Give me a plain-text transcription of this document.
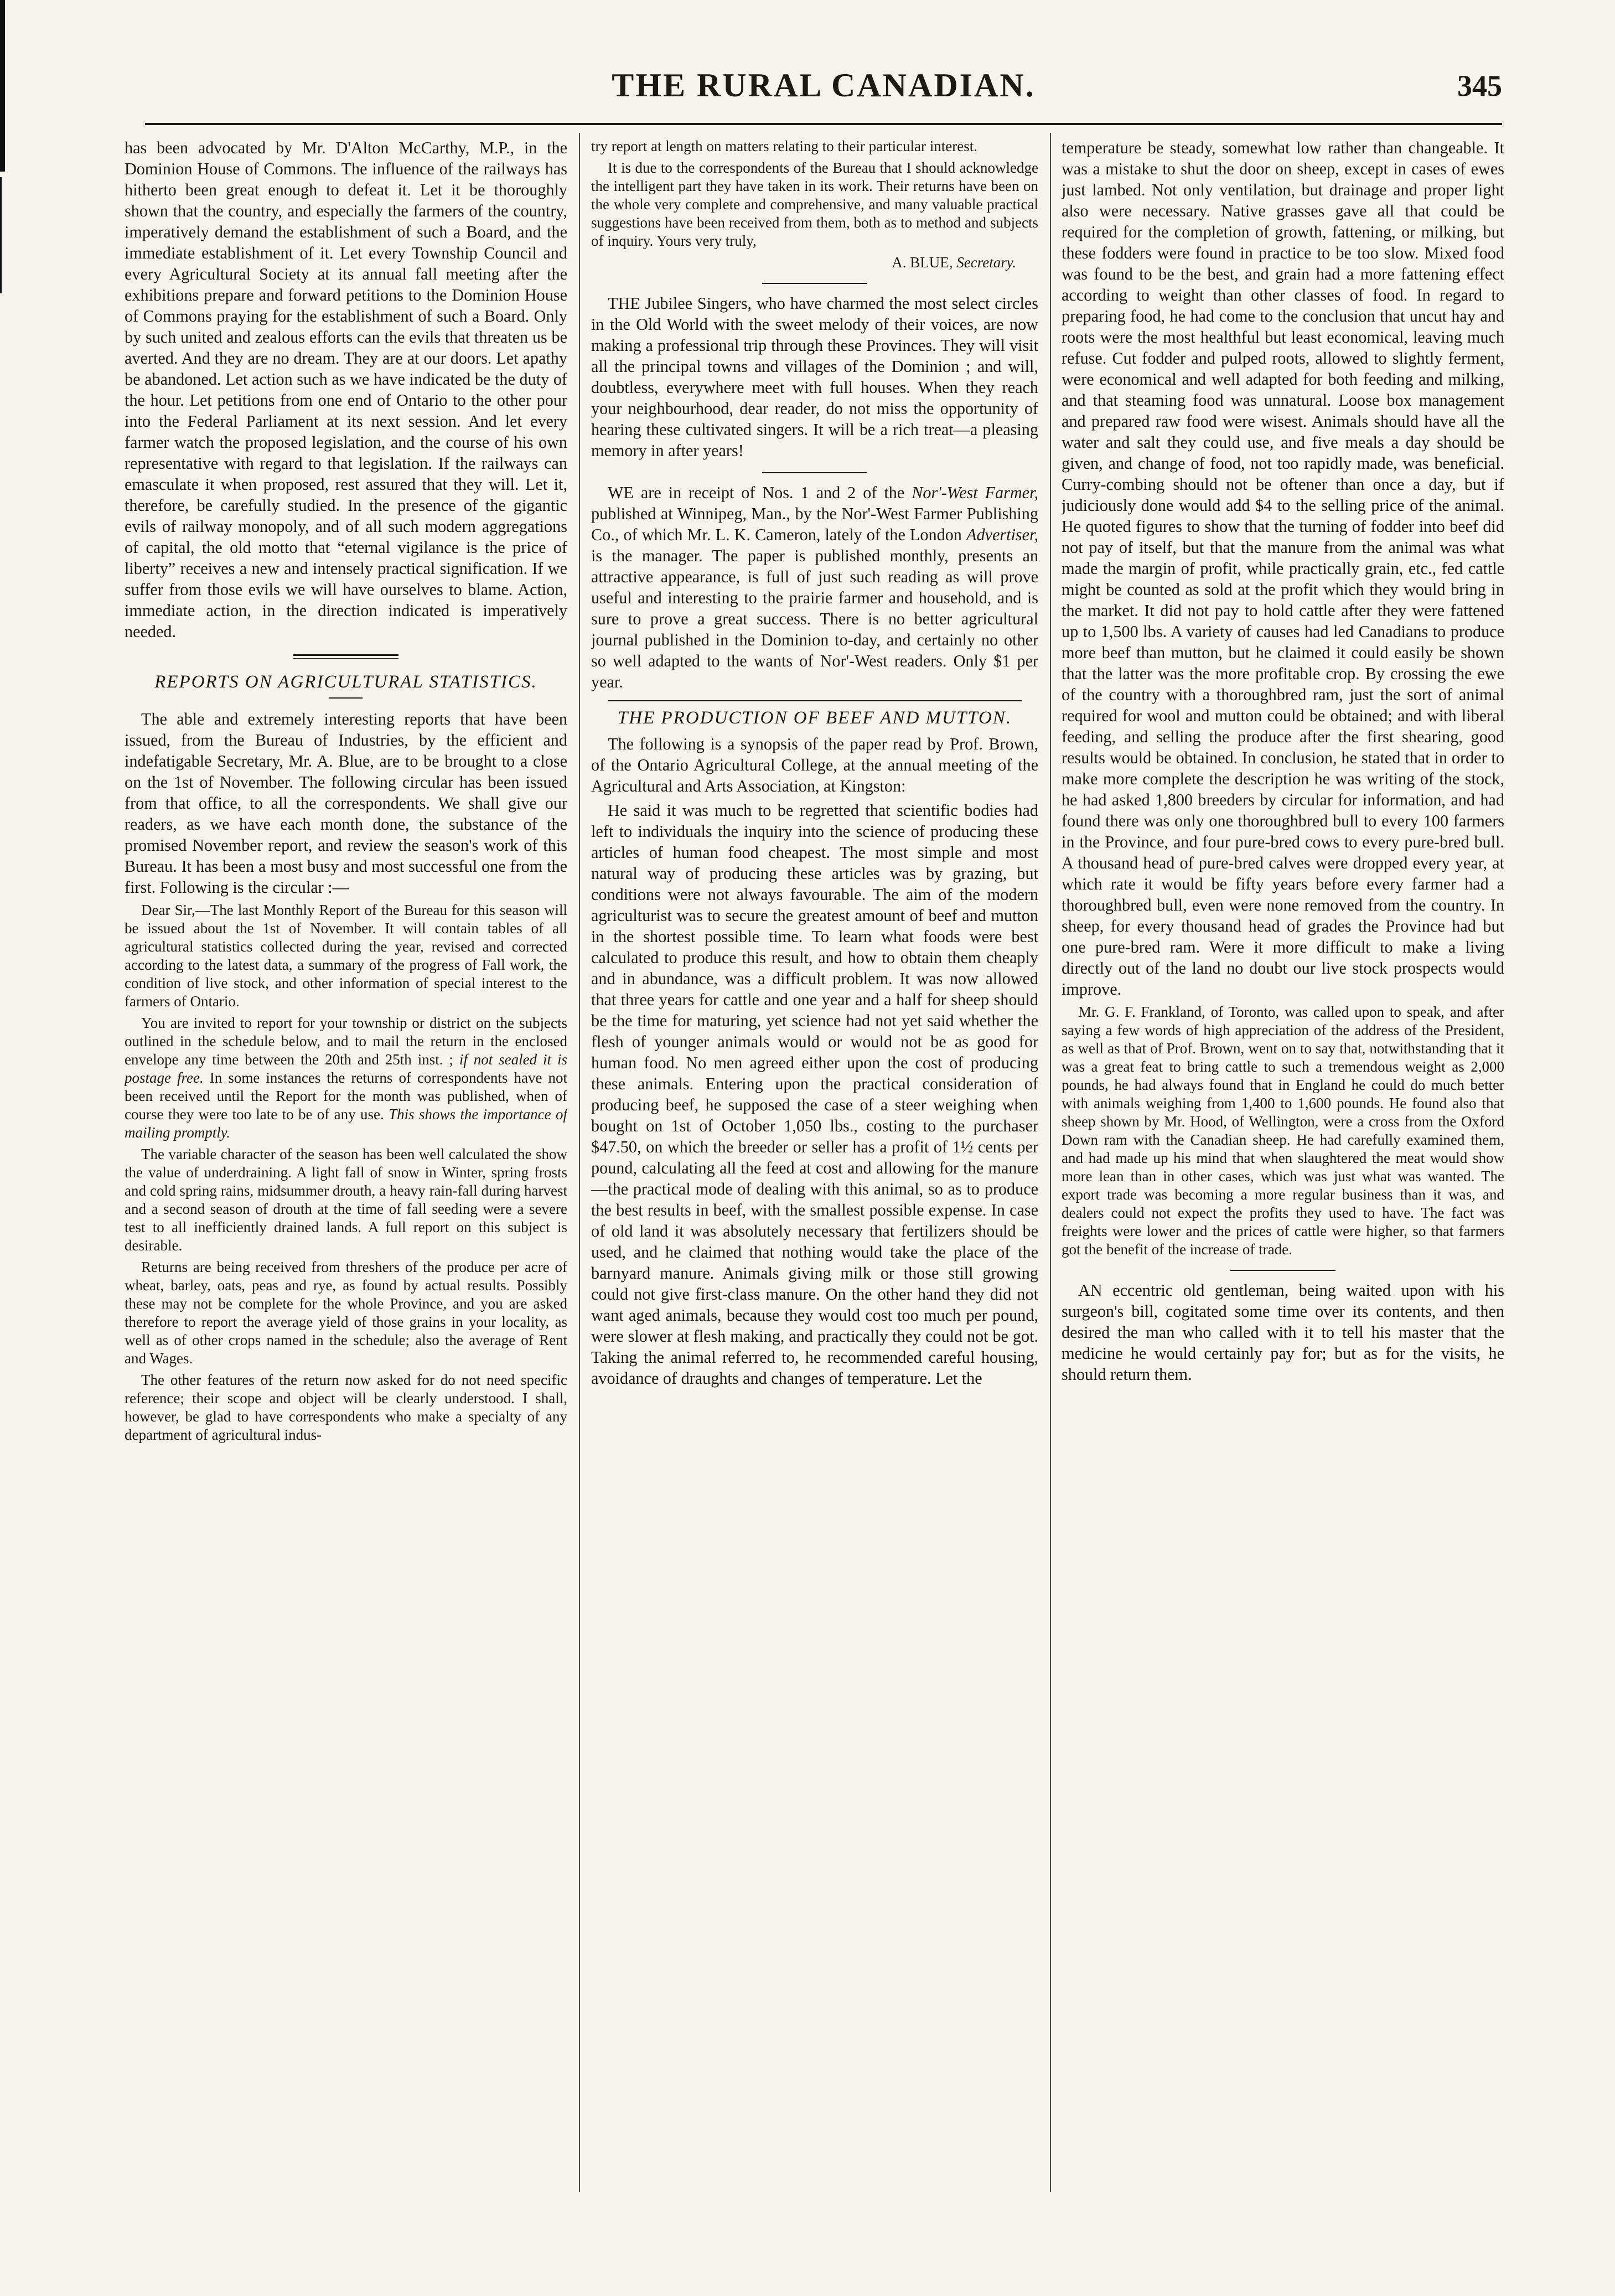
THE RURAL CANADIAN.	345

has been advocated by Mr. D'Alton McCarthy, M.P., in the Dominion House of Commons. The influence of the railways has hitherto been great enough to defeat it. Let it be thoroughly shown that the country, and especially the farmers of the country, imperatively demand the establishment of such a Board, and the immediate establishment of it. Let every Township Council and every Agricultural Society at its annual fall meeting after the exhibitions prepare and forward petitions to the Dominion House of Commons praying for the establishment of such a Board. Only by such united and zealous efforts can the evils that threaten us be averted. And they are no dream. They are at our doors. Let apathy be abandoned. Let action such as we have indicated be the duty of the hour. Let petitions from one end of Ontario to the other pour into the Federal Parliament at its next session. And let every farmer watch the proposed legislation, and the course of his own representative with regard to that legislation. If the railways can emasculate it when proposed, rest assured that they will. Let it, therefore, be carefully studied. In the presence of the gigantic evils of railway monopoly, and of all such modern aggregations of capital, the old motto that “eternal vigilance is the price of liberty” receives a new and intensely practical signification. If we suffer from those evils we will have ourselves to blame. Action, immediate action, in the direction indicated is imperatively needed.

REPORTS ON AGRICULTURAL STATISTICS.

The able and extremely interesting reports that have been issued, from the Bureau of Industries, by the efficient and indefatigable Secretary, Mr. A. Blue, are to be brought to a close on the 1st of November. The following circular has been issued from that office, to all the correspondents. We shall give our readers, as we have each month done, the substance of the promised November report, and review the season's work of this Bureau. It has been a most busy and most successful one from the first. Following is the circular :—

Dear Sir,—The last Monthly Report of the Bureau for this season will be issued about the 1st of November. It will contain tables of all agricultural statistics collected during the year, revised and corrected according to the latest data, a summary of the progress of Fall work, the condition of live stock, and other information of special interest to the farmers of Ontario.

You are invited to report for your township or district on the subjects outlined in the schedule below, and to mail the return in the enclosed envelope any time between the 20th and 25th inst. ; if not sealed it is postage free. In some instances the returns of correspondents have not been received until the Report for the month was published, when of course they were too late to be of any use. This shows the importance of mailing promptly.

The variable character of the season has been well calculated the show the value of underdraining. A light fall of snow in Winter, spring frosts and cold spring rains, midsummer drouth, a heavy rain-fall during harvest and a second season of drouth at the time of fall seeding were a severe test to all inefficiently drained lands. A full report on this subject is desirable.

Returns are being received from threshers of the produce per acre of wheat, barley, oats, peas and rye, as found by actual results. Possibly these may not be complete for the whole Province, and you are asked therefore to report the average yield of those grains in your locality, as well as of other crops named in the schedule; also the average of Rent and Wages.

The other features of the return now asked for do not need specific reference; their scope and object will be clearly understood. I shall, however, be glad to have correspondents who make a specialty of any department of agricultural indus-

try report at length on matters relating to their particular interest.

It is due to the correspondents of the Bureau that I should acknowledge the intelligent part they have taken in its work. Their returns have been on the whole very complete and comprehensive, and many valuable practical suggestions have been received from them, both as to method and subjects of inquiry. Yours very truly,

A. BLUE, Secretary.

THE Jubilee Singers, who have charmed the most select circles in the Old World with the sweet melody of their voices, are now making a professional trip through these Provinces. They will visit all the principal towns and villages of the Dominion ; and will, doubtless, everywhere meet with full houses. When they reach your neighbourhood, dear reader, do not miss the opportunity of hearing these cultivated singers. It will be a rich treat—a pleasing memory in after years!

WE are in receipt of Nos. 1 and 2 of the Nor'-West Farmer, published at Winnipeg, Man., by the Nor'-West Farmer Publishing Co., of which Mr. L. K. Cameron, lately of the London Advertiser, is the manager. The paper is published monthly, presents an attractive appearance, is full of just such reading as will prove useful and interesting to the prairie farmer and household, and is sure to prove a great success. There is no better agricultural journal published in the Dominion to-day, and certainly no other so well adapted to the wants of Nor'-West readers. Only $1 per year.

THE PRODUCTION OF BEEF AND MUTTON.

The following is a synopsis of the paper read by Prof. Brown, of the Ontario Agricultural College, at the annual meeting of the Agricultural and Arts Association, at Kingston:

He said it was much to be regretted that scientific bodies had left to individuals the inquiry into the science of producing these articles of human food cheapest. The most simple and most natural way of producing these articles was by grazing, but conditions were not always favourable. The aim of the modern agriculturist was to secure the greatest amount of beef and mutton in the shortest possible time. To learn what foods were best calculated to produce this result, and how to obtain them cheaply and in abundance, was a difficult problem. It was now allowed that three years for cattle and one year and a half for sheep should be the time for maturing, yet science had not yet said whether the flesh of younger animals would or would not be as good for human food. No men agreed either upon the cost of producing these animals. Entering upon the practical consideration of producing beef, he supposed the case of a steer weighing when bought on 1st of October 1,050 lbs., costing to the purchaser $47.50, on which the breeder or seller has a profit of 1½ cents per pound, calculating all the feed at cost and allowing for the manure—the practical mode of dealing with this animal, so as to produce the best results in beef, with the smallest possible expense. In case of old land it was absolutely necessary that fertilizers should be used, and he claimed that nothing would take the place of the barnyard manure. Animals giving milk or those still growing could not give first-class manure. On the other hand they did not want aged animals, because they would cost too much per pound, were slower at flesh making, and practically they could not be got. Taking the animal referred to, he recommended careful housing, avoidance of draughts and changes of temperature. Let the

temperature be steady, somewhat low rather than changeable. It was a mistake to shut the door on sheep, except in cases of ewes just lambed. Not only ventilation, but drainage and proper light also were necessary. Native grasses gave all that could be required for the completion of growth, fattening, or milking, but these fodders were found in practice to be too slow. Mixed food was found to be the best, and grain had a more fattening effect according to weight than other classes of food. In regard to preparing food, he had come to the conclusion that uncut hay and roots were the most healthful but least economical, leaving much refuse. Cut fodder and pulped roots, allowed to slightly ferment, were economical and well adapted for both feeding and milking, and that steaming food was unnatural. Loose box management and prepared raw food were wisest. Animals should have all the water and salt they could use, and five meals a day should be given, and change of food, not too rapidly made, was beneficial. Curry-combing should not be oftener than once a day, but if judiciously done would add $4 to the selling price of the animal. He quoted figures to show that the turning of fodder into beef did not pay of itself, but that the manure from the animal was what made the margin of profit, while practically grain, etc., fed cattle might be counted as sold at the profit which they would bring in the market. It did not pay to hold cattle after they were fattened up to 1,500 lbs. A variety of causes had led Canadians to produce more beef than mutton, but he claimed it could easily be shown that the latter was the more profitable crop. By crossing the ewe of the country with a thoroughbred ram, just the sort of animal required for wool and mutton could be obtained; and with liberal feeding, and selling the produce after the first shearing, good results would be obtained. In conclusion, he stated that in order to make more complete the description he was writing of the stock, he had asked 1,800 breeders by circular for information, and had found there was only one thoroughbred bull to every 100 farmers in the Province, and four pure-bred cows to every pure-bred bull. A thousand head of pure-bred calves were dropped every year, at which rate it would be fifty years before every farmer had a thoroughbred bull, even were none removed from the country. In sheep, for every thousand head of grades the Province had but one pure-bred ram. Were it more difficult to make a living directly out of the land no doubt our live stock prospects would improve.

Mr. G. F. Frankland, of Toronto, was called upon to speak, and after saying a few words of high appreciation of the address of the President, as well as that of Prof. Brown, went on to say that, notwithstanding that it was a great feat to bring cattle to such a tremendous weight as 2,000 pounds, he had always found that in England he could do much better with animals weighing from 1,400 to 1,600 pounds. He found also that sheep shown by Mr. Hood, of Wellington, were a cross from the Oxford Down ram with the Canadian sheep. He had carefully examined them, and had made up his mind that when slaughtered the meat would show more lean than in other cases, which was just what was wanted. The export trade was becoming a more regular business than it was, and dealers could not expect the profits they used to have. The fact was freights were lower and the prices of cattle were higher, so that farmers got the benefit of the increase of trade.

AN eccentric old gentleman, being waited upon with his surgeon's bill, cogitated some time over its contents, and then desired the man who called with it to tell his master that the medicine he would certainly pay for; but as for the visits, he should return them.
